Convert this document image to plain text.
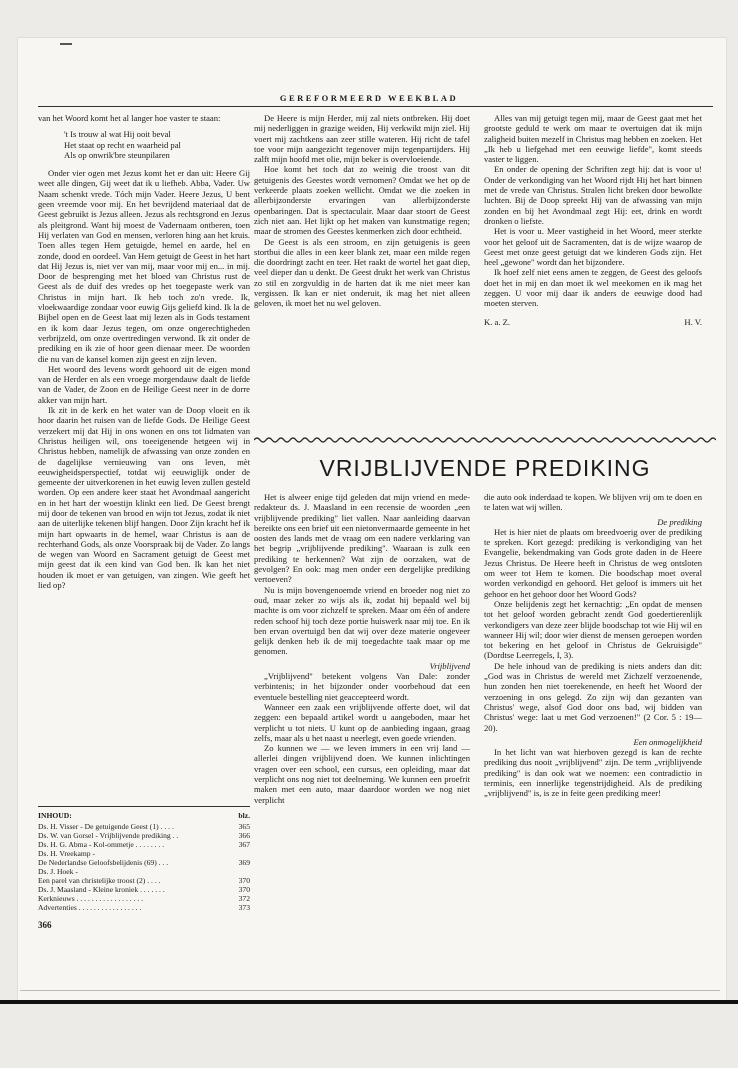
GEREFORMEERD WEEKBLAD

van het Woord komt het al langer hoe vaster te staan:

't Is trouw al wat Hij ooit beval
Het staat op recht en waarheid pal
Als op onwrik'bre steunpilaren

Onder vier ogen met Jezus komt het er dan uit: Heere Gij weet alle dingen, Gij weet dat ik u liefheb. Abba, Vader. Uw Naam schenkt vrede. Tóch mijn Vader. Heere Jezus, U bent geen vreemde voor mij. En het bevrijdend materiaal dat de Geest gebruikt is Jezus alleen. Jezus als rechtsgrond en Jezus als pleitgrond. Want hij moest de Vadernaam ontberen, toen Hij verlaten van God en mensen, verloren hing aan het kruis. Toen alles tegen Hem getuigde, hemel en aarde, hel en zonde, dood en oordeel. Van Hem getuigt de Geest in het hart dat Hij Jezus is, niet ver van mij, maar voor mij en... in mij. Door de besprenging met het bloed van Christus rust de Geest als de duif des vredes op het toegepaste werk van Christus in mijn hart. Ik heb toch zo'n vrede. Ik, vloekwaardige zondaar voor euwig Gijs geliefd kind. Ik la de Bijbel open en de Geest laat mij lezen als in Gods testament en ik kom daar Jezus tegen, om onze ongerechtigheden verbrijzeld, om onze overtredingen verwond. Ik zit onder de prediking en ik zie of hoor geen dienaar meer. De woorden die nu van de kansel komen zijn geest en zijn leven.

Het woord des levens wordt gehoord uit de eigen mond van de Herder en als een vroege morgendauw daalt de liefde van de Vader, de Zoon en de Heilige Geest neer in de dorre akker van mijn hart.

Ik zit in de kerk en het water van de Doop vloeit en ik hoor daarin het ruisen van de liefde Gods. De Heilige Geest verzekert mij dat Hij in ons wonen en ons tot lidmaten van Christus heiligen wil, ons toeeigenende hetgeen wij in Christus hebben, namelijk de afwassing van onze zonden en de dagelijkse vernieuwing van ons leven, mèt eeuwigheidsperspectief, totdat wij eeuwiglijk onder de gemeente der uitverkorenen in het euwig leven zullen gesteld worden. Op een andere keer staat het Avondmaal aangericht en in het hart der woestijn klinkt een lied. De Geest brengt mij door de tekenen van brood en wijn tot Jezus, zodat ik niet aan de uiterlijke tekenen blijf hangen. Door Zijn kracht hef ik mijn hart opwaarts in de hemel, waar Christus is aan de rechterhand Gods, als onze Voorspraak bij de Vader. Zo langs de wegen van Woord en Sacrament getuigt de Geest met mijn geest dat ik een kind van God ben. Ik kan het niet houden ik moet er van getuigen, van zingen. Wie geeft het lied op?

De Heere is mijn Herder, mij zal niets ontbreken. Hij doet mij nederliggen in grazige weiden, Hij verkwikt mijn ziel. Hij voert mij zachtkens aan zeer stille wateren. Hij richt de tafel toe voor mijn aangezicht tegenover mijn tegenpartijders. Hij zalft mijn hoofd met olie, mijn beker is overvloeiende.

Hoe komt het toch dat zo weinig die troost van dit getuigenis des Geestes wordt vernomen? Omdat we het op de verkeerde plaats zoeken wellicht. Omdat we die zoeken in allerbijzonderste ervaringen van allerbijzonderste openbaringen. Dat is spectaculair. Maar daar stoort de Geest zich niet aan. Het lijkt op het maken van kunstmatige regen; maar de stromen des Geestes kenmerken zich door echtheid.

De Geest is als een stroom, en zijn getuigenis is geen stortbui die alles in een keer blank zet, maar een milde regen die doordringt zacht en teer. Het raakt de wortel het gaat diep, veel dieper dan u denkt. De Geest drukt het werk van Christus zo stil en zorgvuldig in de harten dat ik me niet meer kan vergissen. Ik kan er niet onderuit, ik mag het niet alleen geloven, ik moet het nu wel geloven.

Alles van mij getuigt tegen mij, maar de Geest gaat met het grootste geduld te werk om maar te overtuigen dat ik mijn zaligheid buiten mezelf in Christus mag hebben en zoeken. Het „Ik heb u liefgehad met een eeuwige liefde", komt steeds vaster te liggen.

En onder de opening der Schriften zegt hij: dat is voor u! Onder de verkondiging van het Woord rijdt Hij het hart binnen met de vrede van Christus. Stralen licht breken door bewolkte luchten. Bij de Doop spreekt Hij van de afwassing van mijn zonden en bij het Avondmaal zegt Hij: eet, drink en wordt dronken o liefste.

Het is voor u. Meer vastigheid in het Woord, meer sterkte voor het geloof uit de Sacramenten, dat is de wijze waarop de Geest met onze geest getuigt dat we kinderen Gods zijn. Het heel „gewone" wordt dan het bijzondere.

Ik hoef zelf niet eens amen te zeggen, de Geest des geloofs doet het in mij en dan moet ik wel meekomen en ik mag het zeggen. U voor mij daar ik anders de eeuwige dood had moeten sterven.

K. a. Z.	H. V.
VRIJBLIJVENDE PREDIKING

Het is alweer enige tijd geleden dat mijn vriend en mede-redakteur ds. J. Maasland in een recensie de woorden „een vrijblijvende prediking" liet vallen. Naar aanleiding daarvan bereikte ons een brief uit een nietonvermaarde gemeente in het oosten des lands met de vraag om een nadere verklaring van het begrip „vrijblijvende prediking". Waaraan is zulk een prediking te herkennen? Wat zijn de oorzaken, wat de gevolgen? En ook: mag men onder een dergelijke prediking vertoeven?

Nu is mijn bovengenoemde vriend en broeder nog niet zo oud, maar zeker zo wijs als ik, zodat hij bepaald wel bij machte is om voor zichzelf te spreken. Maar om één of andere reden schoof hij toch deze portie huiswerk naar mij toe. En ik ben ervan overtuigd ben dat wij over deze materie ongeveer gelijk denken heb ik de mij toegedachte taak maar op me genomen.

Vrijblijvend

„Vrijblijvend" betekent volgens Van Dale: zonder verbintenis; in het bijzonder onder voorbehoud dat een eventuele bestelling niet geaccepteerd wordt.

Wanneer een zaak een vrijblijvende offerte doet, wil dat zeggen: een bepaald artikel wordt u aangeboden, maar het verplicht u tot niets. U kunt op de aanbieding ingaan, graag zelfs, maar als u het naast u neerlegt, even goede vrienden.

Zo kunnen we — we leven immers in een vrij land — allerlei dingen vrijblijvend doen. We kunnen inlichtingen vragen over een school, een cursus, een opleiding, maar dat verplicht ons nog niet tot deelneming. We kunnen een proefrit maken met een auto, maar daardoor worden we nog niet verplicht

die auto ook inderdaad te kopen. We blijven vrij om te doen en te laten wat wij willen.

De prediking

Het is hier niet de plaats om breedvoerig over de prediking te spreken. Kort gezegd: prediking is verkondiging van het Evangelie, bekendmaking van Gods grote daden in de Heere Jezus Christus. De Heere heeft in Christus de weg ontsloten om weer tot Hem te komen. Die boodschap moet overal worden verkondigd en gehoord. Het geloof is immers uit het gehoor en het gehoor door het Woord Gods?

Onze belijdenis zegt het kernachtig: „En opdat de mensen tot het geloof worden gebracht zendt God goedertierenlijk verkondigers van deze zeer blijde boodschap tot wie Hij wil en wanneer Hij wil; door wier dienst de mensen geroepen worden tot bekering en het geloof in Christus de Gekruisigde" (Dordtse Leerregels, I, 3).

De hele inhoud van de prediking is niets anders dan dit: „God was in Christus de wereld met Zichzelf verzoenende, hun zonden hen niet toerekenende, en heeft het Woord der verzoening in ons gelegd. Zo zijn wij dan gezanten van Christus' wege, alsof God door ons bad, wij bidden van Christus' wege: laat u met God verzoenen!" (2 Cor. 5 : 19—20).

Een onmogelijkheid

In het licht van wat hierboven gezegd is kan de rechte prediking dus nooit „vrijblijvend" zijn. De term „vrijblijvende prediking" is dan ook wat we noemen: een contradictio in terminis, een innerlijke tegenstrijdigheid. Als de prediking „vrijblijvend" is, is ze in feite geen prediking meer!

INHOUD:	blz.
Ds. H. Visser - De getuigende Geest (1) . . . .	365
Ds. W. van Gorsel - Vrijblijvende prediking . .	366
Ds. H. G. Abma - Kol-ommetje . . . . . . . .	367
Ds. H. Vreekamp -
De Nederlandse Geloofsbelijdenis (69) . . .	369
Ds. J. Hoek -
Een parel van christelijke troost (2) . . . .	370
Ds. J. Maasland - Kleine kroniek . . . . . . .	370
Kerknieuws . . . . . . . . . . . . . . . . . .	372
Advertenties . . . . . . . . . . . . . . . . .	373
366
